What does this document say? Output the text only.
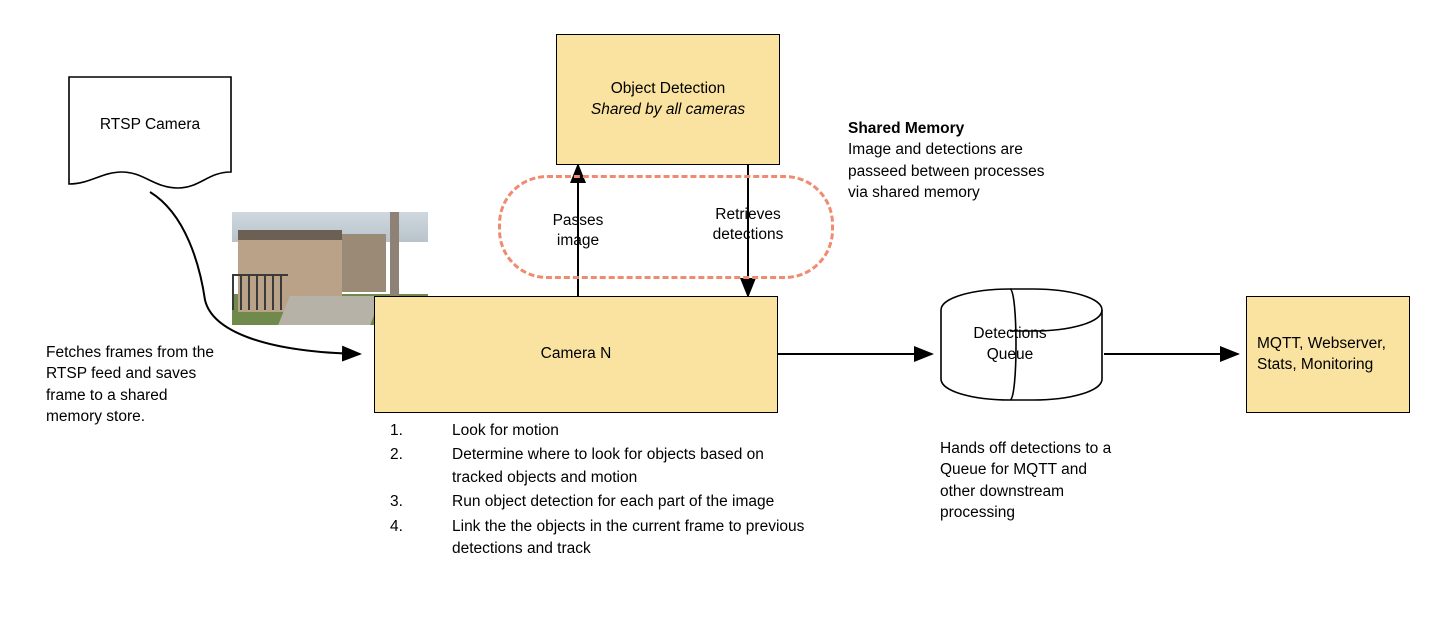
RTSP Camera
Object Detection
Shared by all cameras
Passes
image
Retrieves
detections
Shared Memory
Image and detections are passeed between processes via shared memory
Camera N
1.	Look for motion
2.	Determine where to look for objects based on tracked objects and motion
3.	Run object detection for each part of the image
4.	Link the the objects in the current frame to previous detections and track
Fetches frames from the RTSP feed and saves frame to a shared memory store.
Detections
Queue
Hands off detections to a Queue for MQTT and other downstream processing
MQTT, Webserver,
Stats, Monitoring
